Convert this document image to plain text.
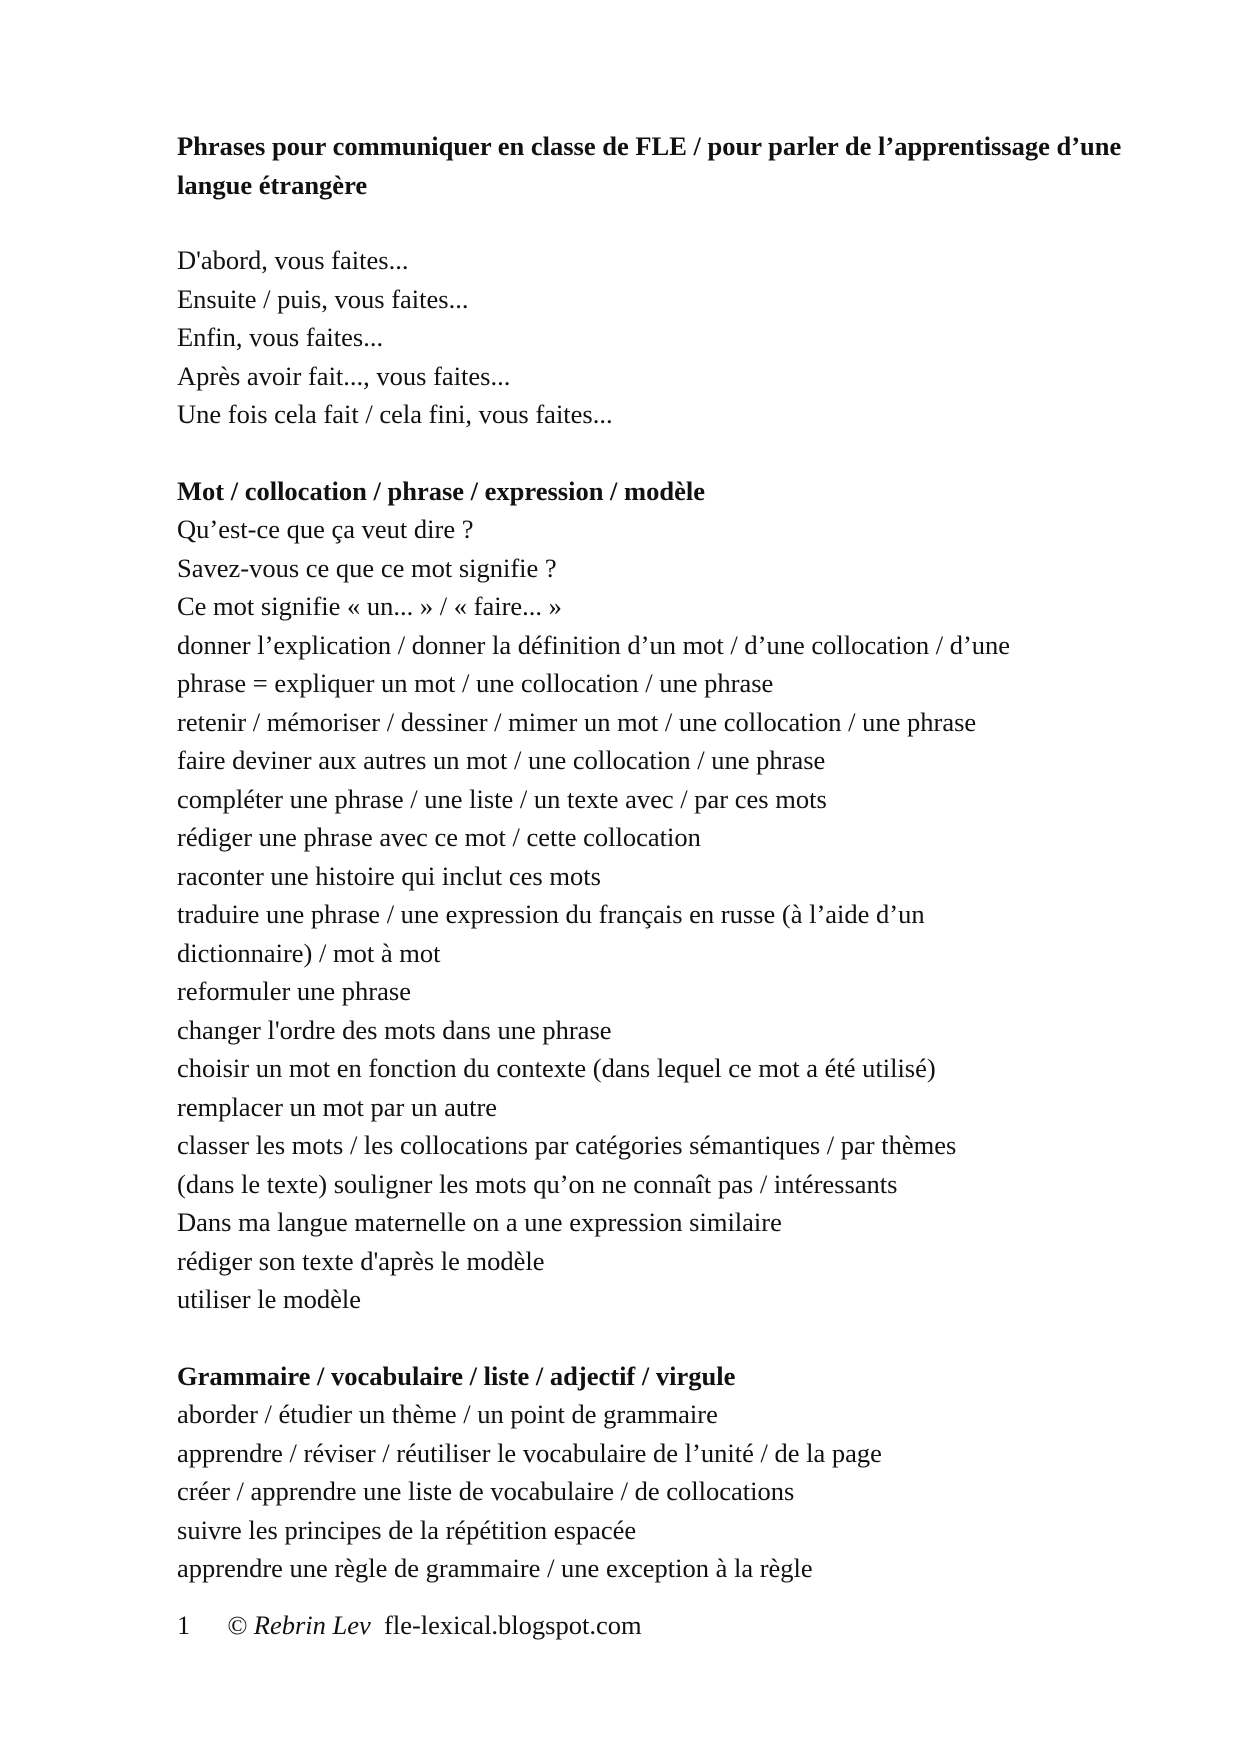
Phrases pour communiquer en classe de FLE / pour parler de l’apprentissage d’une langue étrangère
D'abord, vous faites...
Ensuite / puis, vous faites...
Enfin, vous faites...
Après avoir fait..., vous faites...
Une fois cela fait / cela fini, vous faites...
Mot / collocation / phrase / expression / modèle
Qu’est-ce que ça veut dire ?
Savez-vous ce que ce mot signifie ?
Ce mot signifie « un... » / « faire... »
donner l’explication / donner la définition d’un mot / d’une collocation / d’une
phrase = expliquer un mot / une collocation / une phrase
retenir / mémoriser / dessiner / mimer un mot / une collocation / une phrase
faire deviner aux autres un mot / une collocation / une phrase
compléter une phrase / une liste / un texte avec / par ces mots
rédiger une phrase avec ce mot / cette collocation
raconter une histoire qui inclut ces mots
traduire une phrase / une expression du français en russe (à l’aide d’un
dictionnaire) / mot à mot
reformuler une phrase
changer l'ordre des mots dans une phrase
choisir un mot en fonction du contexte (dans lequel ce mot a été utilisé)
remplacer un mot par un autre
classer les mots / les collocations par catégories sémantiques / par thèmes
(dans le texte) souligner les mots qu’on ne connaît pas / intéressants
Dans ma langue maternelle on a une expression similaire
rédiger son texte d'après le modèle
utiliser le modèle
Grammaire / vocabulaire / liste / adjectif / virgule
aborder / étudier un thème / un point de grammaire
apprendre / réviser / réutiliser le vocabulaire de l’unité / de la page
créer / apprendre une liste de vocabulaire / de collocations
suivre les principes de la répétition espacée
apprendre une règle de grammaire / une exception à la règle
1 © Rebrin Lev fle-lexical.blogspot.com
